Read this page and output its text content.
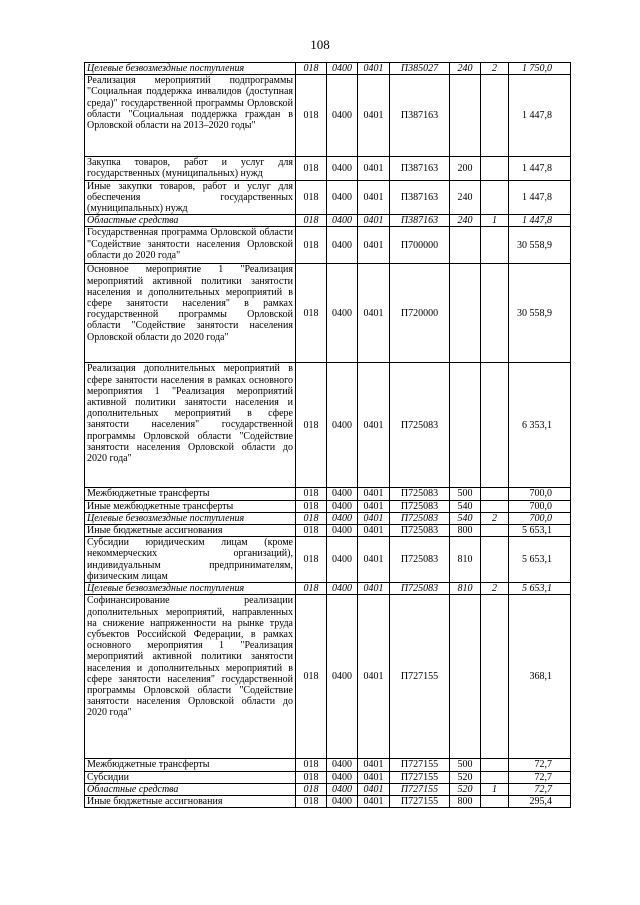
108
Целевые безвозмездные поступления	018	0400	0401	П385027	240	2	1 750,0
Реализация мероприятий подпрограммы "Социальная поддержка инвалидов (доступная среда)" государственной программы Орловской области "Социальная поддержка граждан в Орловской области на 2013–2020 годы"	018	0400	0401	П387163			1 447,8
Закупка товаров, работ и услуг для государственных (муниципальных) нужд	018	0400	0401	П387163	200		1 447,8
Иные закупки товаров, работ и услуг для обеспечения государственных (муниципальных) нужд	018	0400	0401	П387163	240		1 447,8
Областные средства	018	0400	0401	П387163	240	1	1 447,8
Государственная программа Орловской области "Содействие занятости населения Орловской области до 2020 года"	018	0400	0401	П700000			30 558,9
Основное мероприятие 1 "Реализация мероприятий активной политики занятости населения и дополнительных мероприятий в сфере занятости населения" в рамках государственной программы Орловской области "Содействие занятости населения Орловской области до 2020 года"	018	0400	0401	П720000			30 558,9
Реализация дополнительных мероприятий в сфере занятости населения в рамках основного мероприятия 1 "Реализация мероприятий активной политики занятости населения и дополнительных мероприятий в сфере занятости населения" государственной программы Орловской области "Содействие занятости населения Орловской области до 2020 года"	018	0400	0401	П725083			6 353,1
Межбюджетные трансферты	018	0400	0401	П725083	500		700,0
Иные межбюджетные трансферты	018	0400	0401	П725083	540		700,0
Целевые безвозмездные поступления	018	0400	0401	П725083	540	2	700,0
Иные бюджетные ассигнования	018	0400	0401	П725083	800		5 653,1
Субсидии юридическим лицам (кроме некоммерческих организаций), индивидуальным предпринимателям, физическим лицам	018	0400	0401	П725083	810		5 653,1
Целевые безвозмездные поступления	018	0400	0401	П725083	810	2	5 653,1
Софинансирование реализации дополнительных мероприятий, направленных на снижение напряженности на рынке труда субъектов Российской Федерации, в рамках основного мероприятия 1 "Реализация мероприятий активной политики занятости населения и дополнительных мероприятий в сфере занятости населения" государственной программы Орловской области "Содействие занятости населения Орловской области до 2020 года"	018	0400	0401	П727155			368,1
Межбюджетные трансферты	018	0400	0401	П727155	500		72,7
Субсидии	018	0400	0401	П727155	520		72,7
Областные средства	018	0400	0401	П727155	520	1	72,7
Иные бюджетные ассигнования	018	0400	0401	П727155	800		295,4
